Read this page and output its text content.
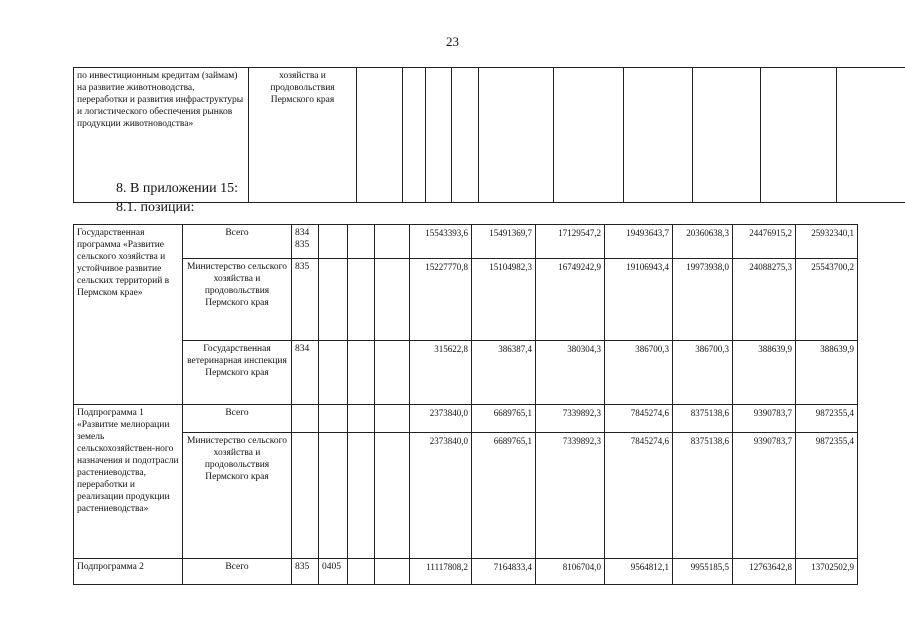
23
по инвестиционным кредитам (займам) на развитие животноводства, переработки и развития инфраструктуры и логистического обеспечения рынков продукции животноводства»	хозяйства и продовольствия Пермского края											
8. В приложении 15:
8.1. позиции:
Государственная программа «Развитие сельского хозяйства и устойчивое развитие сельских территорий в Пермском крае»	Всего	834 835				15543393,6	15491369,7	17129547,2	19493643,7	20360638,3	24476915,2	25932340,1
	Министерство сельского хозяйства и продовольствия Пермского края	835				15227770,8	15104982,3	16749242,9	19106943,4	19973938,0	24088275,3	25543700,2
	Государственная ветеринарная инспекция Пермского края	834				315622,8	386387,4	380304,3	386700,3	386700,3	388639,9	388639,9
Подпрограмма 1 «Развитие мелиорации земель сельскохозяйствен-ного назначения и подотрасли растениеводства, переработки и реализации продукции растениеводства»	Всего					2373840,0	6689765,1	7339892,3	7845274,6	8375138,6	9390783,7	9872355,4
	Министерство сельского хозяйства и продовольствия Пермского края					2373840,0	6689765,1	7339892,3	7845274,6	8375138,6	9390783,7	9872355,4
Подпрограмма 2	Всего	835	0405			11117808,2	7164833,4	8106704,0	9564812,1	9955185,5	12763642,8	13702502,9
